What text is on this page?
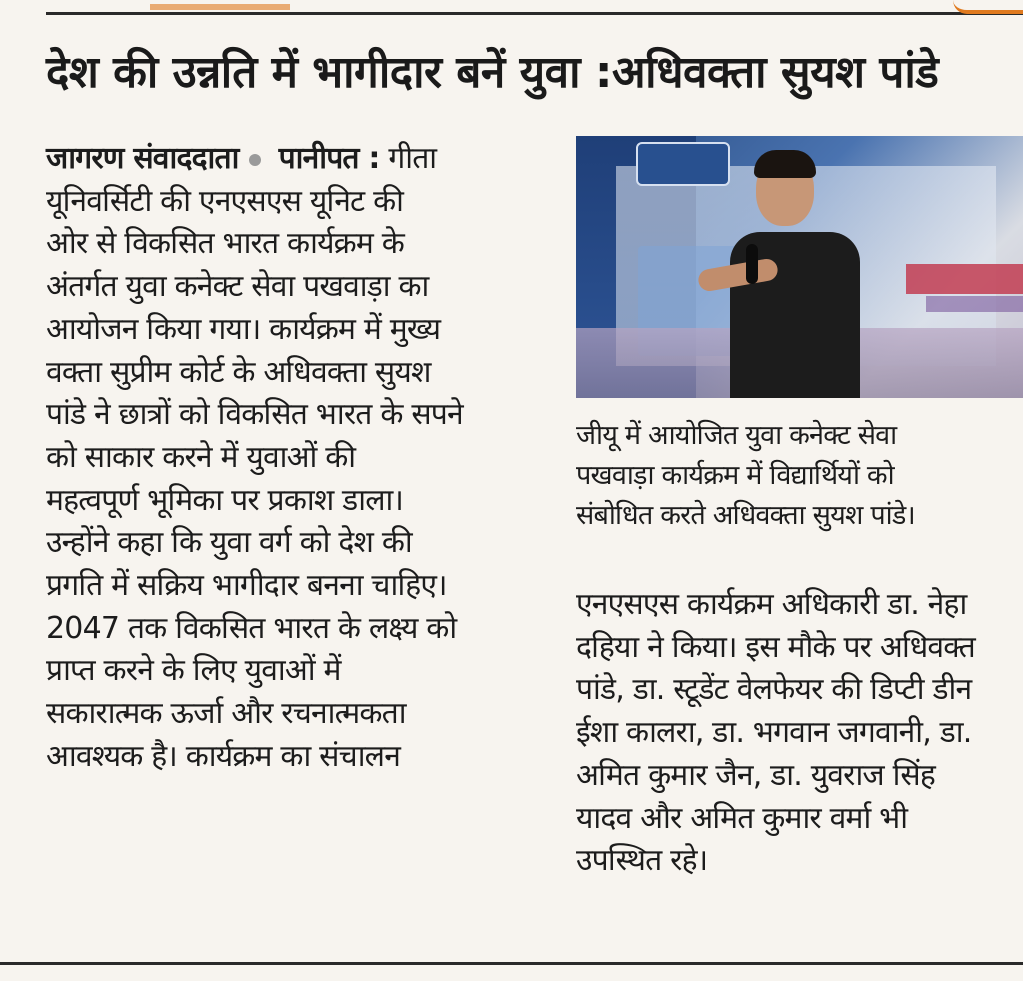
देश की उन्नति में भागीदार बनें युवा :अधिवक्ता सुयश पांडे
जागरण संवाददाता पानीपत : गीता
यूनिवर्सिटी की एनएसएस यूनिट की
ओर से विकसित भारत कार्यक्रम के
अंतर्गत युवा कनेक्ट सेवा पखवाड़ा का
आयोजन किया गया। कार्यक्रम में मुख्य
वक्ता सुप्रीम कोर्ट के अधिवक्ता सुयश
पांडे ने छात्रों को विकसित भारत के सपने
को साकार करने में युवाओं की
महत्वपूर्ण भूमिका पर प्रकाश डाला।
उन्होंने कहा कि युवा वर्ग को देश की
प्रगति में सक्रिय भागीदार बनना चाहिए।
2047 तक विकसित भारत के लक्ष्य को
प्राप्त करने के लिए युवाओं में
सकारात्मक ऊर्जा और रचनात्मकता
आवश्यक है। कार्यक्रम का संचालन
जीयू में आयोजित युवा कनेक्ट सेवा
पखवाड़ा कार्यक्रम में विद्यार्थियों को
संबोधित करते अधिवक्ता सुयश पांडे।
एनएसएस कार्यक्रम अधिकारी डा. नेहा
दहिया ने किया। इस मौके पर अधिवक्त
पांडे, डा. स्टूडेंट वेलफेयर की डिप्टी डीन
ईशा कालरा, डा. भगवान जगवानी, डा.
अमित कुमार जैन, डा. युवराज सिंह
यादव और अमित कुमार वर्मा भी
उपस्थित रहे।
